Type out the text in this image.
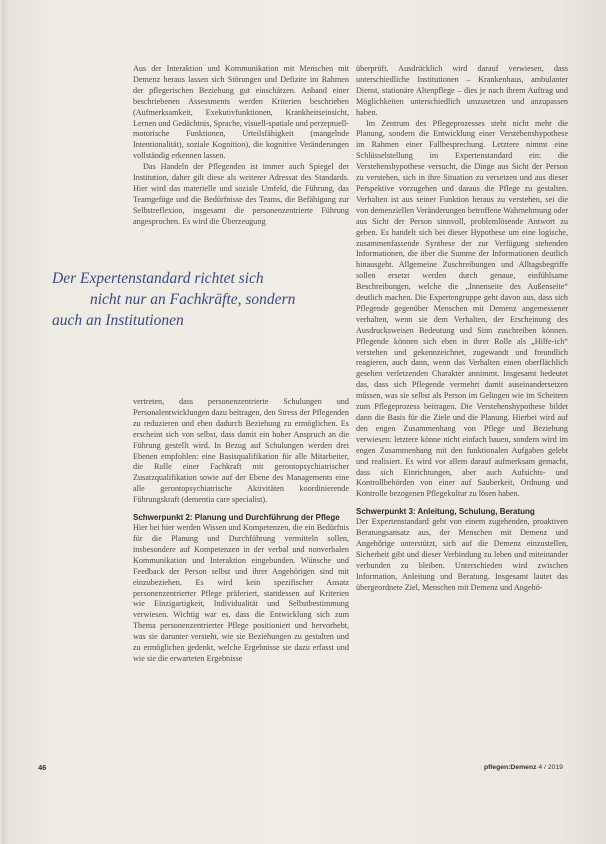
Aus der Interaktion und Kommunikation mit Menschen mit Demenz heraus lassen sich Störungen und Defizite im Rahmen der pflegerischen Beziehung gut einschätzen. Anhand einer beschriebenen Assessments werden Kriterien beschrieben (Aufmerksamkeit, Exekutivfunktionen, Krankheitseinsicht, Lernen und Gedächtnis, Sprache, visuell-spatiale und perzeptuell-motorische Funktionen, Urteilsfähigkeit (mangelnde Intentionalität), soziale Kognition), die kognitive Veränderungen vollständig erkennen lassen.

Das Handeln der Pflegenden ist immer auch Spiegel der Institution, daher gilt diese als weiterer Adressat des Standards. Hier wird das materielle und soziale Umfeld, die Führung, das Teamgefüge und die Bedürfnisse des Teams, die Befähigung zur Selbstreflexion, insgesamt die personenzentrierte Führung angesprochen. Es wird die Überzeugung

Der Expertenstandard richtet sich
nicht nur an Fachkräfte, sondern
auch an Institutionen

vertreten, dass personenzentrierte Schulungen und Personalentwicklungen dazu beitragen, den Stress der Pflegenden zu reduzieren und eben dadurch Beziehung zu ermöglichen. Es erscheint sich von selbst, dass damit ein hoher Anspruch an die Führung gestellt wird. In Bezug auf Schulungen werden drei Ebenen empfohlen: eine Basisqualifikation für alle Mitarbeiter, die Rolle einer Fachkraft mit gerontopsychiatrischer Zusatzqualifikation sowie auf der Ebene des Managements eine alle gerontopsychiatrische Aktivitäten koordinierende Führungskraft (dementia care specialist).

Schwerpunkt 2: Planung und Durchführung der Pflege

Hier bei hier werden Wissen und Kompetenzen, die ein Bedürfnis für die Planung und Durchführung vermitteln sollen, insbesondere auf Kompetenzen in der verbal und nonverbalen Kommunikation und Interaktion eingebunden. Wünsche und Feedback der Person selbst und ihrer Angehörigen sind mit einzubeziehen. Es wird kein spezifischer Ansatz personenzentrierter Pflege präferiert, stattdessen auf Kriterien wie Einzigartigkeit, Individualität und Selbstbestimmung verwiesen. Wichtig war es, dass die Entwicklung sich zum Thema personenzentrierter Pflege positioniert und hervorhebt, was sie darunter versteht, wie sie Beziehungen zu gestalten und zu ermöglichen gedenkt, welche Ergebnisse sie dazu erfasst und wie sie die erwarteten Ergebnisse

überprüft. Ausdrücklich wird darauf verwiesen, dass unterschiedliche Institutionen – Krankenhaus, ambulanter Dienst, stationäre Altenpflege – dies je nach ihrem Auftrag und Möglichkeiten unterschiedlich umzusetzen und anzupassen haben.

Im Zentrum des Pflegeprozesses steht nicht mehr die Planung, sondern die Entwicklung einer Verstehenshypothese im Rahmen einer Fallbesprechung. Letztere nimmt eine Schlüsselstellung im Expertenstandard ein: die Verstehenshypothese versucht, die Dinge aus Sicht der Person zu verstehen, sich in ihre Situation zu versetzen und aus dieser Perspektive vorzugehen und daraus die Pflege zu gestalten. Verhalten ist aus seiner Funktion heraus zu verstehen, sei die von demenziellen Veränderungen betroffene Wahrnehmung oder aus Sicht der Person sinnvoll, problemlösende Antwort zu geben. Es handelt sich bei dieser Hypothese um eine logische, zusammenfassende Synthese der zur Verfügung stehenden Informationen, die über die Summe der Informationen deutlich hinausgeht. Allgemeine Zuschreibungen und Alltagsbegriffe sollen ersetzt werden durch genaue, einfühlsame Beschreibungen, welche die „Innenseite des Außenseite“ deutlich machen. Die Expertengruppe geht davon aus, dass sich Pflegende gegenüber Menschen mit Demenz angemessener verhalten, wenn sie dem Verhalten, der Erscheinung des Ausdrucksweisen Bedeutung und Sinn zuschreiben können. Pflegende können sich eben in ihrer Rolle als „Hilfe-ich“ verstehen und gekennzeichnet, zugewandt und freundlich reagieren, auch dann, wenn das Verhalten einen oberflächlich gesehen verletzenden Charakter annimmt. Insgesamt bedeutet das, dass sich Pflegende vermehrt damit auseinandersetzen müssen, was sie selbst als Person im Gelingen wie im Scheitern zum Pflegeprozess beitragen. Die Verstehenshypothese bildet dann die Basis für die Ziele und die Planung. Hierbei wird auf den engen Zusammenhang von Pflege und Beziehung verwiesen: letztere könne nicht einfach bauen, sondern wird im engen Zusammenhang mit den funktionalen Aufgaben gelebt und realisiert. Es wird vor allem darauf aufmerksam gemacht, dass sich Einrichtungen, aber auch Aufsichts- und Kontrollbehörden von einer auf Sauberkeit, Ordnung und Kontrolle bezogenen Pflegekultur zu lösen haben.

Schwerpunkt 3: Anleitung, Schulung, Beratung

Der Expertenstandard geht von einem zugehenden, proaktiven Beratungsansatz aus, der Menschen mit Demenz und Angehörige unterstützt, sich auf die Demenz einzustellen, Sicherheit gibt und dieser Verbindung zu leben und miteinander verbunden zu bleiben. Unterschieden wird zwischen Information, Anleitung und Beratung. Insgesamt lautet das übergeordnete Ziel, Menschen mit Demenz und Angehö-

46	pflegen:Demenz 4 / 2019
